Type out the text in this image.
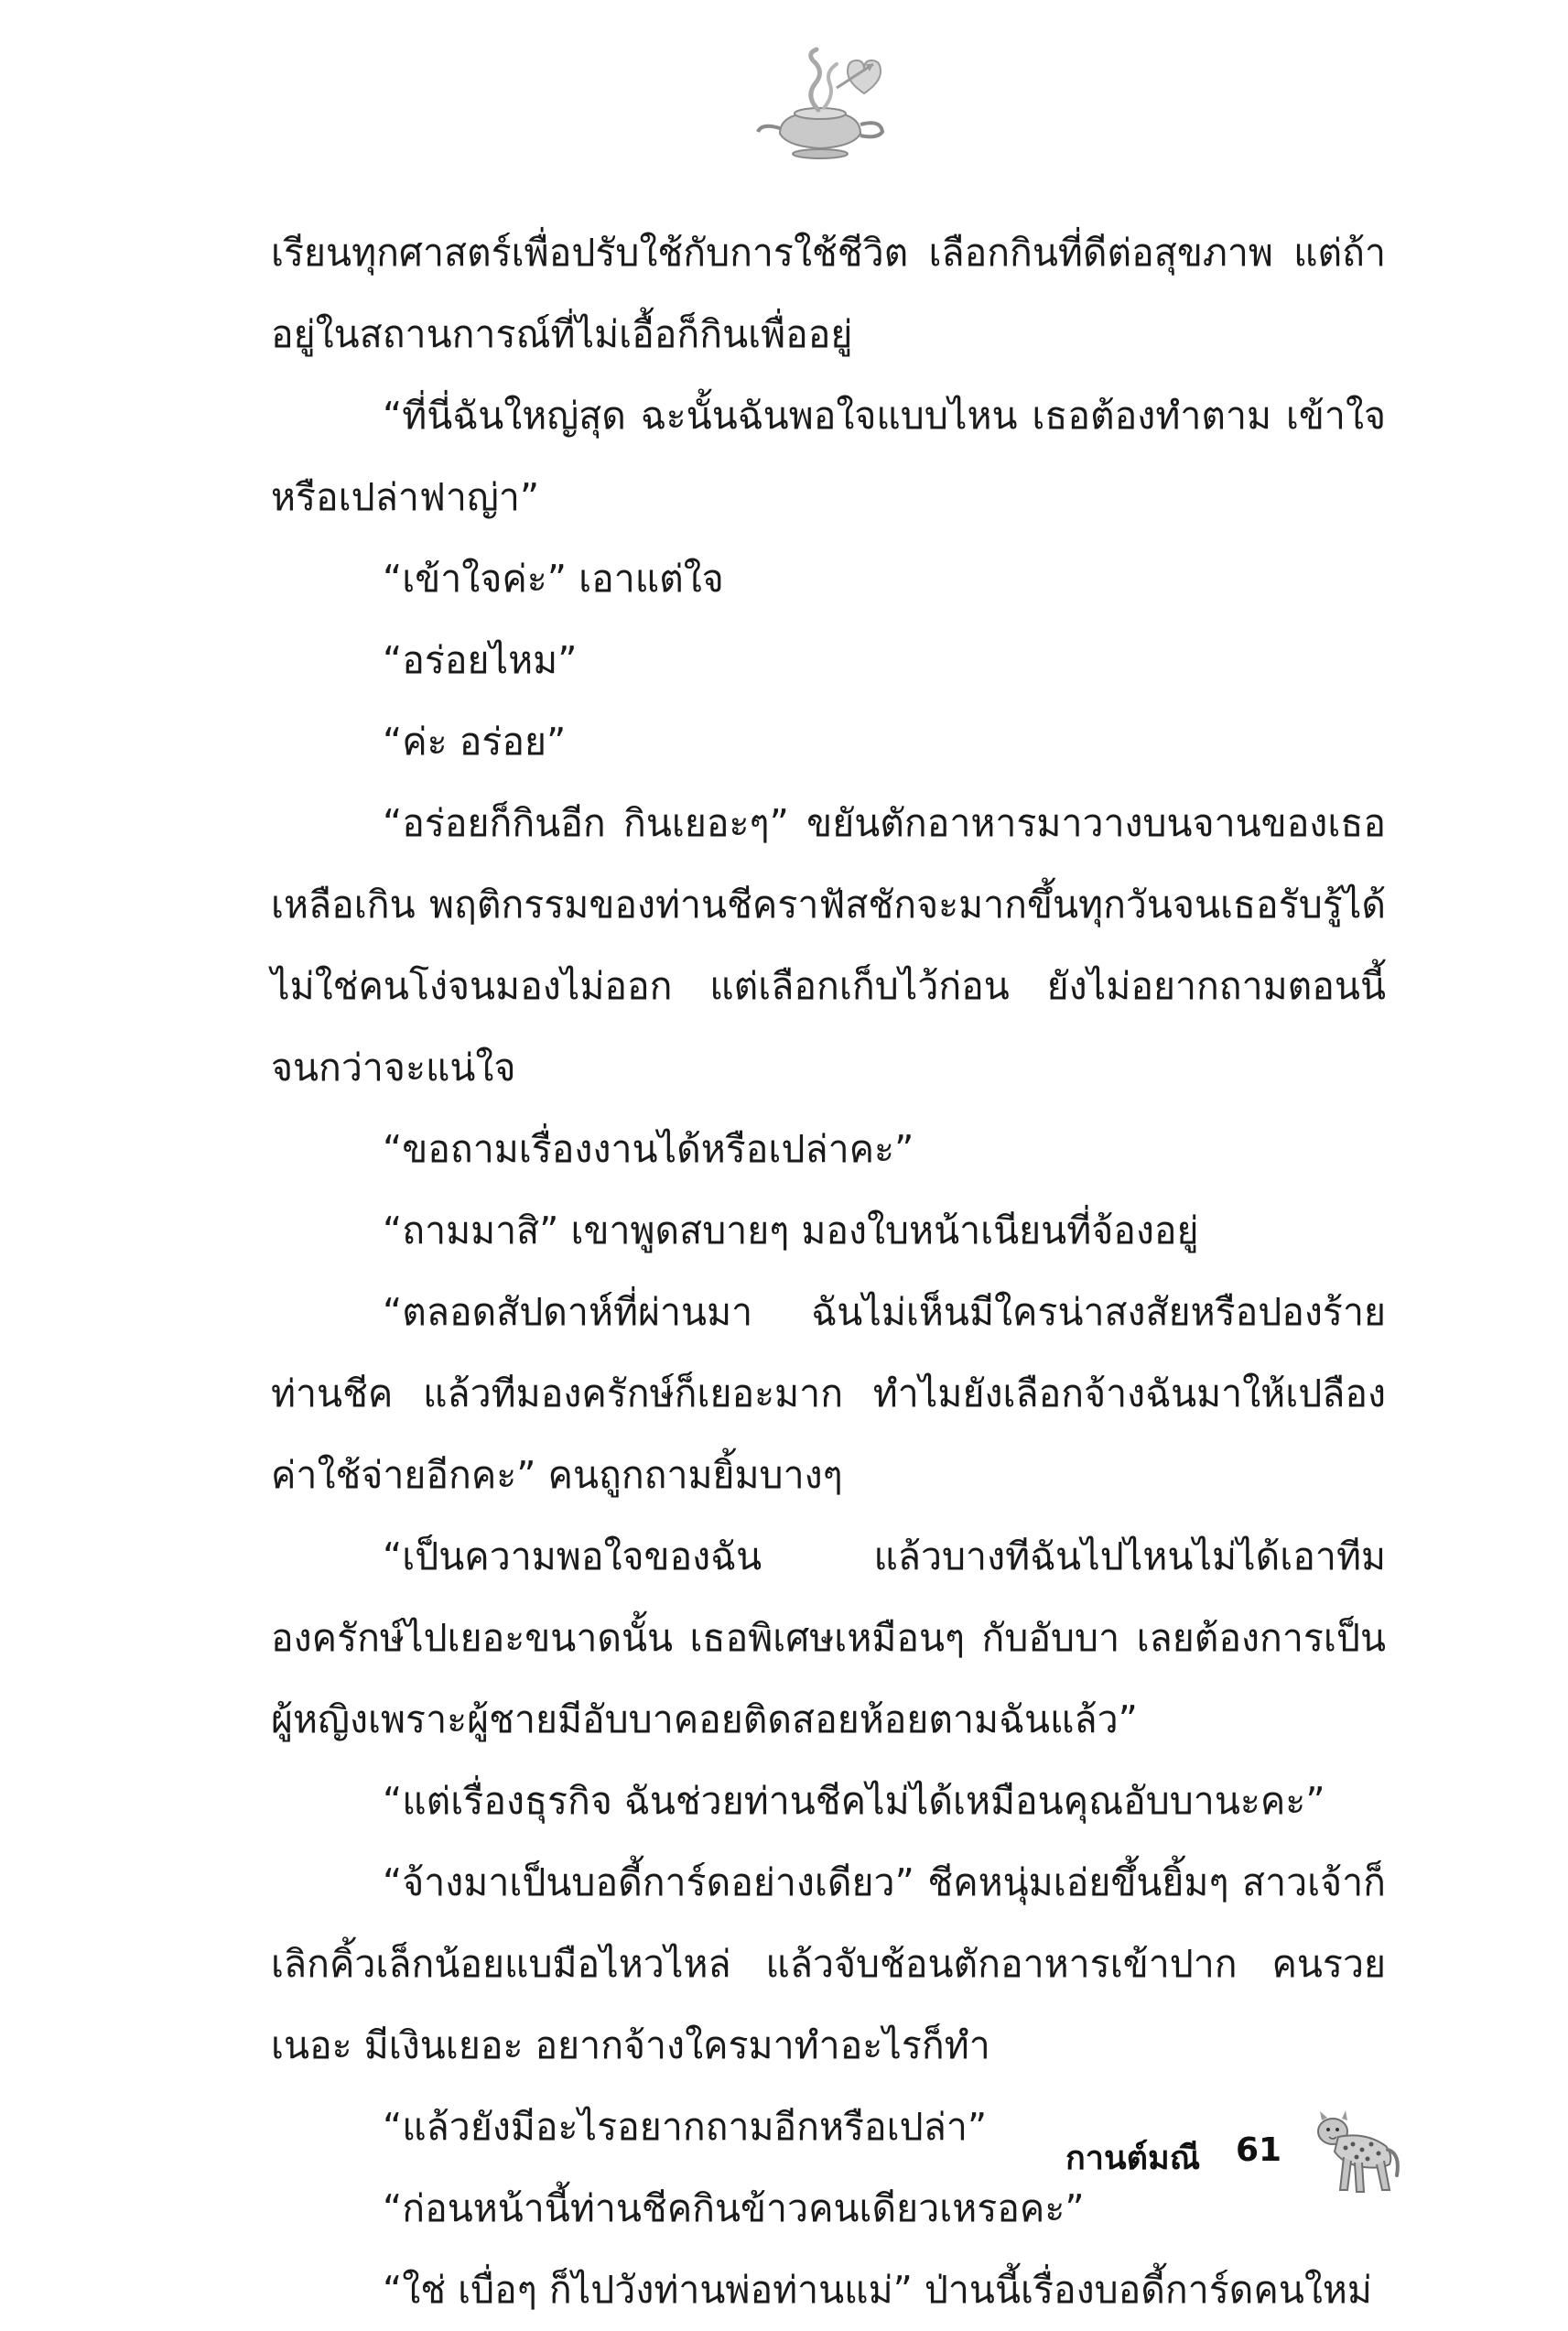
เรียนทุกศาสตร์เพื่อปรับใช้กับการใช้ชีวิต เลือกกินที่ดีต่อสุขภาพ แต่ถ้าอยู่ในสถานการณ์ที่ไม่เอื้อก็กินเพื่ออยู่

“ที่นี่ฉันใหญ่สุด ฉะนั้นฉันพอใจแบบไหน เธอต้องทำตาม เข้าใจหรือเปล่าฟาญ่า”

“เข้าใจค่ะ” เอาแต่ใจ

“อร่อยไหม”

“ค่ะ อร่อย”

“อร่อยก็กินอีก กินเยอะๆ” ขยันตักอาหารมาวางบนจานของเธอเหลือเกิน พฤติกรรมของท่านชีคราฟัสชักจะมากขึ้นทุกวันจนเธอรับรู้ได้ ไม่ใช่คนโง่จนมองไม่ออก แต่เลือกเก็บไว้ก่อน ยังไม่อยากถามตอนนี้ จนกว่าจะแน่ใจ

“ขอถามเรื่องงานได้หรือเปล่าคะ”

“ถามมาสิ” เขาพูดสบายๆ มองใบหน้าเนียนที่จ้องอยู่

“ตลอดสัปดาห์ที่ผ่านมา ฉันไม่เห็นมีใครน่าสงสัยหรือปองร้ายท่านชีค แล้วทีมองครักษ์ก็เยอะมาก ทำไมยังเลือกจ้างฉันมาให้เปลืองค่าใช้จ่ายอีกคะ” คนถูกถามยิ้มบางๆ

“เป็นความพอใจของฉัน แล้วบางทีฉันไปไหนไม่ได้เอาทีมองครักษ์ไปเยอะขนาดนั้น เธอพิเศษเหมือนๆ กับอับบา เลยต้องการเป็นผู้หญิงเพราะผู้ชายมีอับบาคอยติดสอยห้อยตามฉันแล้ว”

“แต่เรื่องธุรกิจ ฉันช่วยท่านชีคไม่ได้เหมือนคุณอับบานะคะ”

“จ้างมาเป็นบอดี้การ์ดอย่างเดียว” ชีคหนุ่มเอ่ยขึ้นยิ้มๆ สาวเจ้าก็เลิกคิ้วเล็กน้อยแบมือไหวไหล่ แล้วจับช้อนตักอาหารเข้าปาก คนรวยเนอะ มีเงินเยอะ อยากจ้างใครมาทำอะไรก็ทำ

“แล้วยังมีอะไรอยากถามอีกหรือเปล่า”

“ก่อนหน้านี้ท่านชีคกินข้าวคนเดียวเหรอคะ”

“ใช่ เบื่อๆ ก็ไปวังท่านพ่อท่านแม่” ป่านนี้เรื่องบอดี้การ์ดคนใหม่

กานต์มณี 61
